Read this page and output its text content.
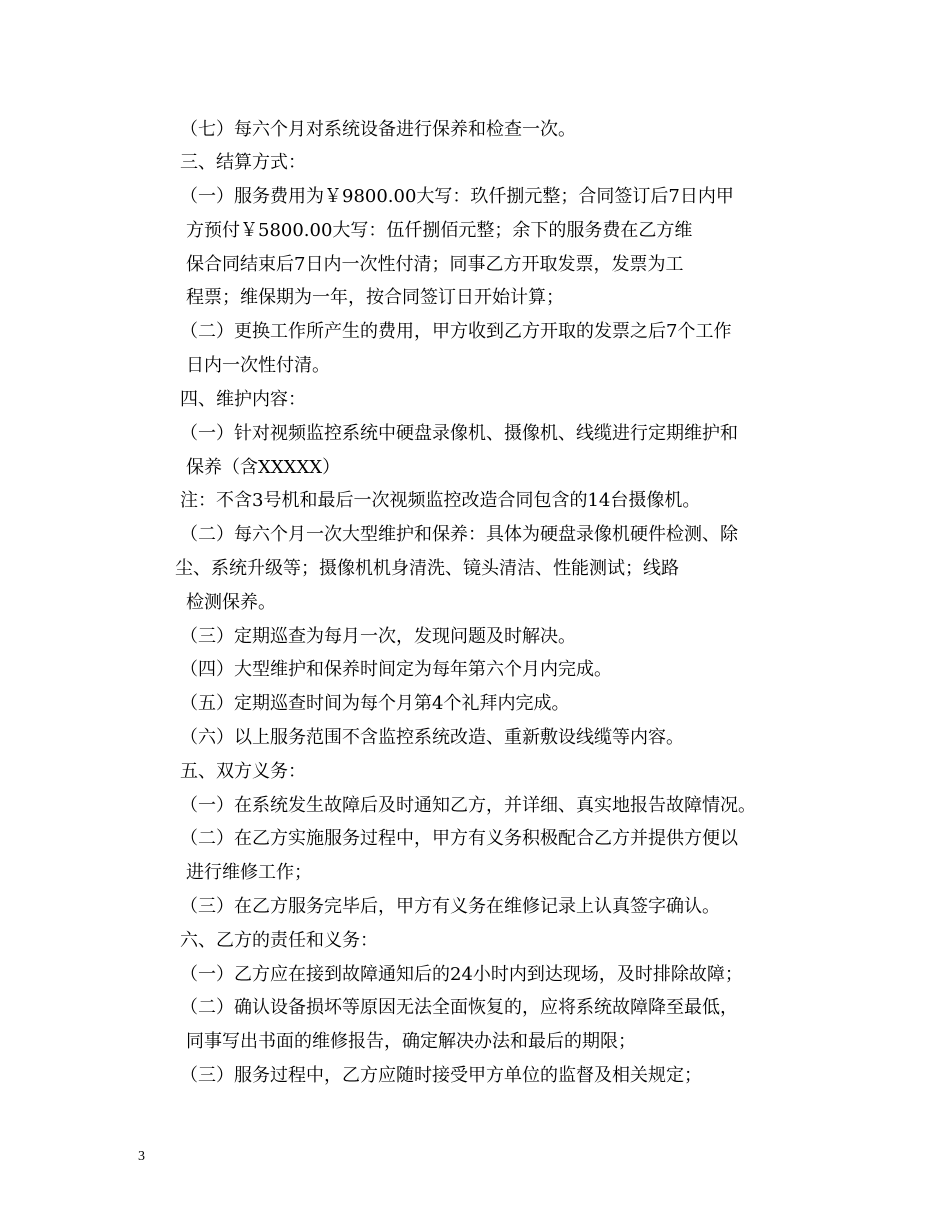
（七）每六个月对系统设备进行保养和检查一次。
三、结算方式：
（一）服务费用为￥9800.00大写：玖仟捌元整；合同签订后7日内甲
方预付￥5800.00大写：伍仟捌佰元整；余下的服务费在乙方维
保合同结束后7日内一次性付清；同事乙方开取发票，发票为工
程票；维保期为一年，按合同签订日开始计算；
（二）更换工作所产生的费用，甲方收到乙方开取的发票之后7个工作
日内一次性付清。
四、维护内容：
（一）针对视频监控系统中硬盘录像机、摄像机、线缆进行定期维护和
保养（含XXXXX）
注：不含3号机和最后一次视频监控改造合同包含的14台摄像机。
（二）每六个月一次大型维护和保养：具体为硬盘录像机硬件检测、除
尘、系统升级等；摄像机机身清洗、镜头清洁、性能测试；线路
检测保养。
（三）定期巡查为每月一次，发现问题及时解决。
（四）大型维护和保养时间定为每年第六个月内完成。
（五）定期巡查时间为每个月第4个礼拜内完成。
（六）以上服务范围不含监控系统改造、重新敷设线缆等内容。
五、双方义务：
（一）在系统发生故障后及时通知乙方，并详细、真实地报告故障情况。
（二）在乙方实施服务过程中，甲方有义务积极配合乙方并提供方便以
进行维修工作；
（三）在乙方服务完毕后，甲方有义务在维修记录上认真签字确认。
六、乙方的责任和义务：
（一）乙方应在接到故障通知后的24小时内到达现场，及时排除故障；
（二）确认设备损坏等原因无法全面恢复的，应将系统故障降至最低，
同事写出书面的维修报告，确定解决办法和最后的期限；
（三）服务过程中，乙方应随时接受甲方单位的监督及相关规定；
3
